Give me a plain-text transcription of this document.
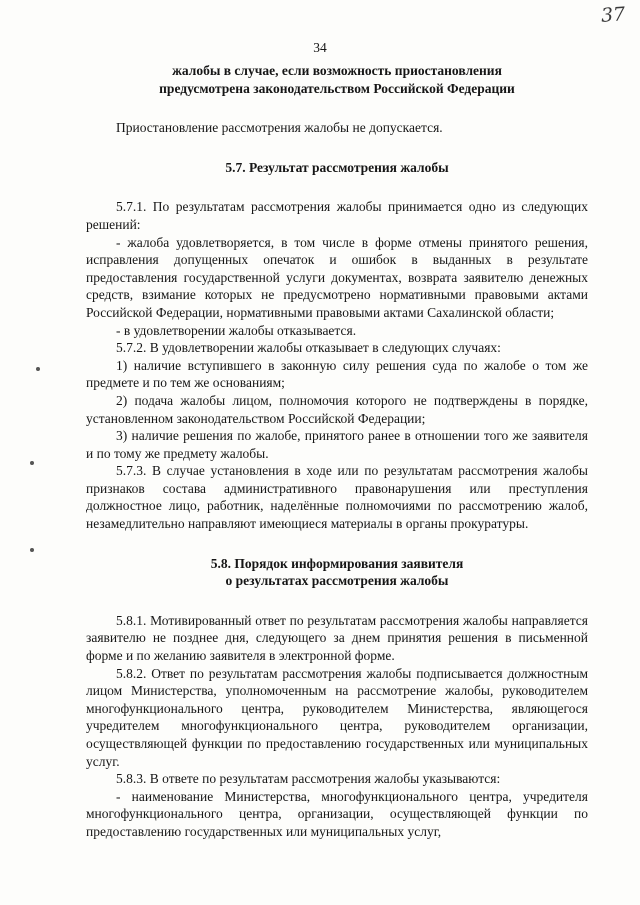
37
34
жалобы в случае, если возможность приостановления
предусмотрена законодательством Российской Федерации

Приостановление рассмотрения жалобы не допускается.

5.7. Результат рассмотрения жалобы

5.7.1. По результатам рассмотрения жалобы принимается одно из следующих решений:

- жалоба удовлетворяется, в том числе в форме отмены принятого решения, исправления допущенных опечаток и ошибок в выданных в результате предоставления государственной услуги документах, возврата заявителю денежных средств, взимание которых не предусмотрено нормативными правовыми актами Российской Федерации, нормативными правовыми актами Сахалинской области;

- в удовлетворении жалобы отказывается.

5.7.2. В удовлетворении жалобы отказывает в следующих случаях:

1) наличие вступившего в законную силу решения суда по жалобе о том же предмете и по тем же основаниям;

2) подача жалобы лицом, полномочия которого не подтверждены в порядке, установленном законодательством Российской Федерации;

3) наличие решения по жалобе, принятого ранее в отношении того же заявителя и по тому же предмету жалобы.

5.7.3. В случае установления в ходе или по результатам рассмотрения жалобы признаков состава административного правонарушения или преступления должностное лицо, работник, наделённые полномочиями по рассмотрению жалоб, незамедлительно направляют имеющиеся материалы в органы прокуратуры.

5.8. Порядок информирования заявителя
о результатах рассмотрения жалобы

5.8.1. Мотивированный ответ по результатам рассмотрения жалобы направляется заявителю не позднее дня, следующего за днем принятия решения в письменной форме и по желанию заявителя в электронной форме.

5.8.2. Ответ по результатам рассмотрения жалобы подписывается должностным лицом Министерства, уполномоченным на рассмотрение жалобы, руководителем многофункционального центра, руководителем Министерства, являющегося учредителем многофункционального центра, руководителем организации, осуществляющей функции по предоставлению государственных или муниципальных услуг.

5.8.3. В ответе по результатам рассмотрения жалобы указываются:

- наименование Министерства, многофункционального центра, учредителя многофункционального центра, организации, осуществляющей функции по предоставлению государственных или муниципальных услуг,
